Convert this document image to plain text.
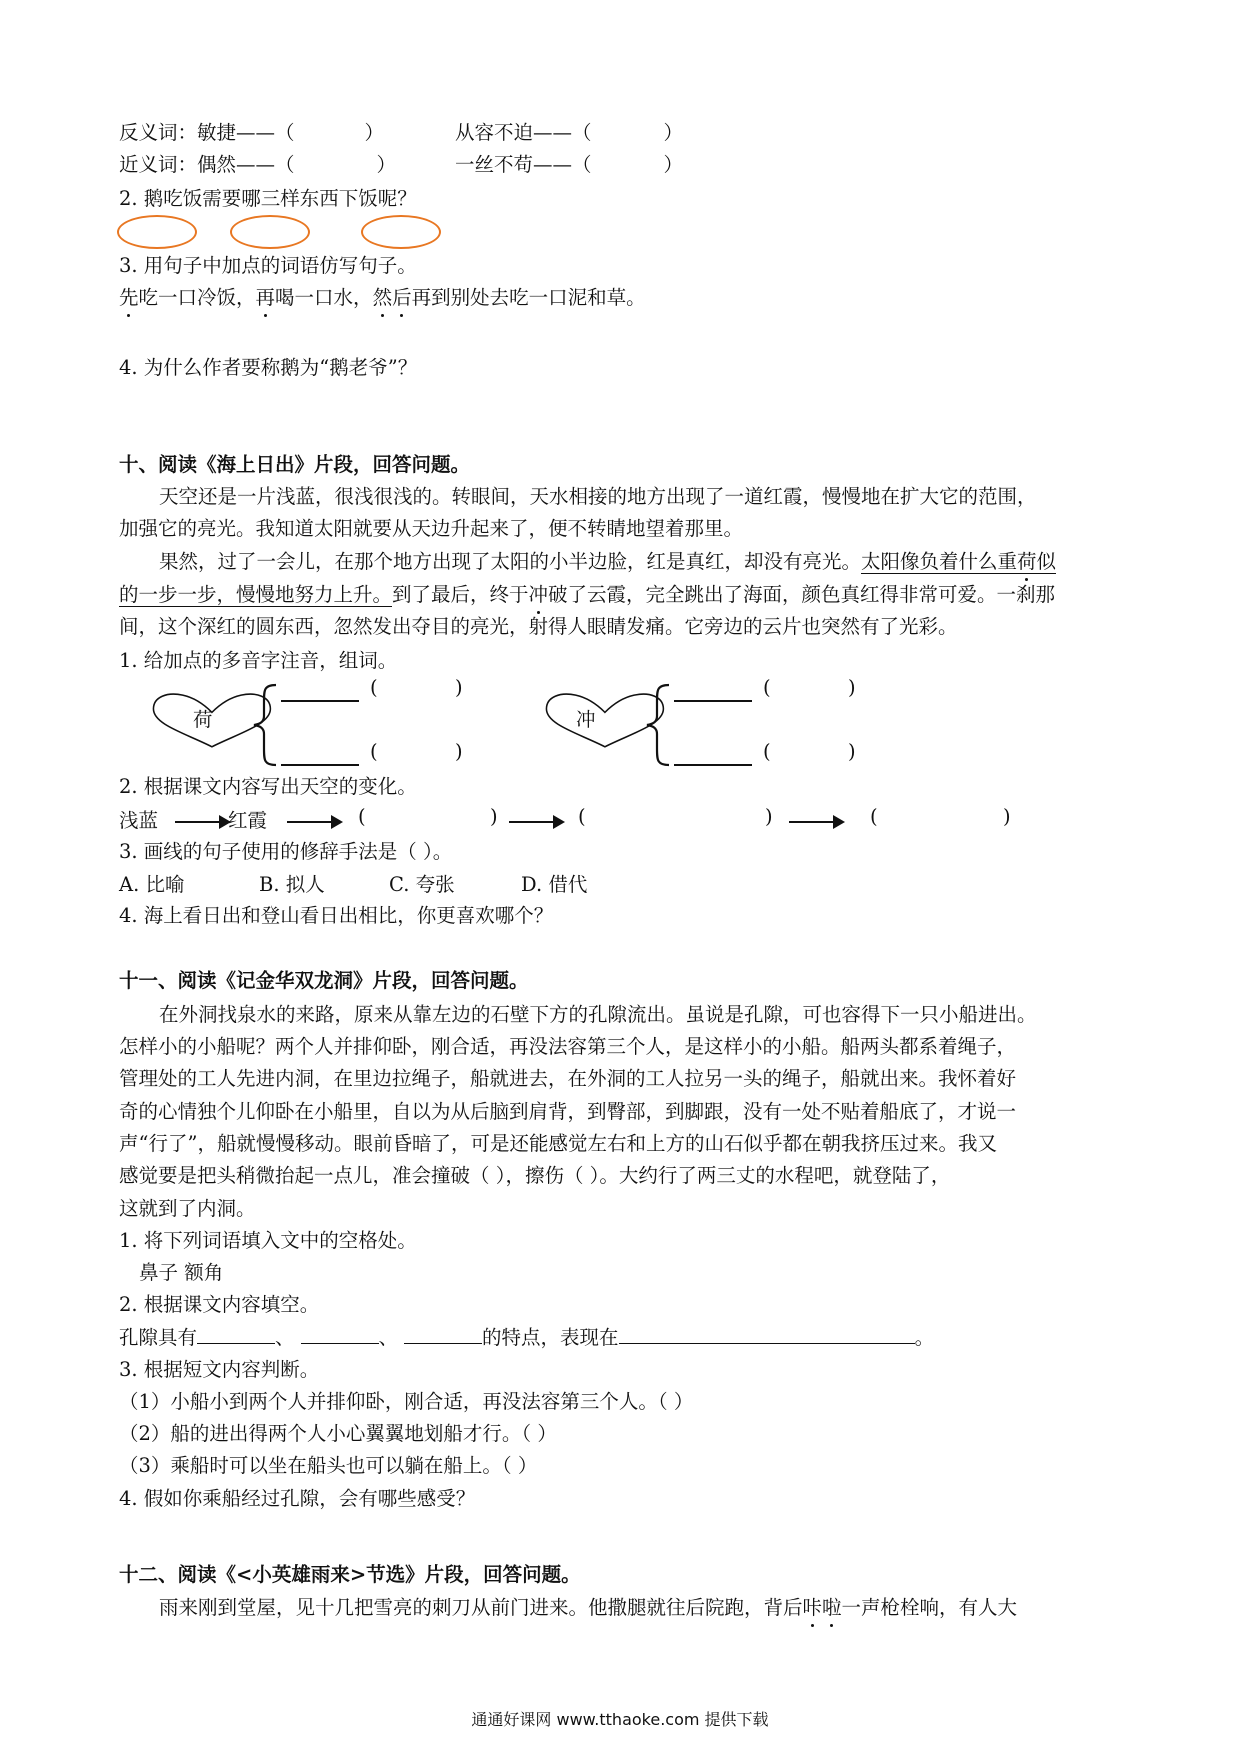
反义词：敏捷——（	）	从容不迫——（	）
近义词：偶然——（	）	一丝不苟——（	）
2. 鹅吃饭需要哪三样东西下饭呢？
3. 用句子中加点的词语仿写句子。
先吃一口冷饭，再喝一口水，然后再到别处去吃一口泥和草。
4. 为什么作者要称鹅为“鹅老爷”？
十、阅读《海上日出》片段，回答问题。
天空还是一片浅蓝，很浅很浅的。转眼间，天水相接的地方出现了一道红霞，慢慢地在扩大它的范围，
加强它的亮光。我知道太阳就要从天边升起来了，便不转睛地望着那里。
果然，过了一会儿，在那个地方出现了太阳的小半边脸，红是真红，却没有亮光。太阳像负着什么重荷似
的一步一步，慢慢地努力上升。到了最后，终于冲破了云霞，完全跳出了海面，颜色真红得非常可爱。一刹那
间，这个深红的圆东西，忽然发出夺目的亮光，射得人眼睛发痛。它旁边的云片也突然有了光彩。
1. 给加点的多音字注音，组词。
荷
(	)
(	)
冲
(	)
(	)
2. 根据课文内容写出天空的变化。
浅蓝	红霞	(	)	(	)	(	)
3. 画线的句子使用的修辞手法是（ ）。
A. 比喻	B. 拟人	C. 夸张	D. 借代
4. 海上看日出和登山看日出相比，你更喜欢哪个？
十一、阅读《记金华双龙洞》片段，回答问题。
在外洞找泉水的来路，原来从靠左边的石壁下方的孔隙流出。虽说是孔隙，可也容得下一只小船进出。
怎样小的小船呢？两个人并排仰卧，刚合适，再没法容第三个人，是这样小的小船。船两头都系着绳子，
管理处的工人先进内洞，在里边拉绳子，船就进去，在外洞的工人拉另一头的绳子，船就出来。我怀着好
奇的心情独个儿仰卧在小船里，自以为从后脑到肩背，到臀部，到脚跟，没有一处不贴着船底了，才说一
声“行了”，船就慢慢移动。眼前昏暗了，可是还能感觉左右和上方的山石似乎都在朝我挤压过来。我又
感觉要是把头稍微抬起一点儿，准会撞破（ ），擦伤（ ）。大约行了两三丈的水程吧，就登陆了，
这就到了内洞。
1. 将下列词语填入文中的空格处。
鼻子 额角
2. 根据课文内容填空。
孔隙具有	、	、	的特点，表现在	。
3. 根据短文内容判断。
（1）小船小到两个人并排仰卧，刚合适，再没法容第三个人。（ ）
（2）船的进出得两个人小心翼翼地划船才行。（ ）
（3）乘船时可以坐在船头也可以躺在船上。（ ）
4. 假如你乘船经过孔隙，会有哪些感受？
十二、阅读《<小英雄雨来>节选》片段，回答问题。
雨来刚到堂屋，见十几把雪亮的刺刀从前门进来。他撒腿就往后院跑，背后咔啦一声枪栓响，有人大
通通好课网 www.tthaoke.com 提供下载
